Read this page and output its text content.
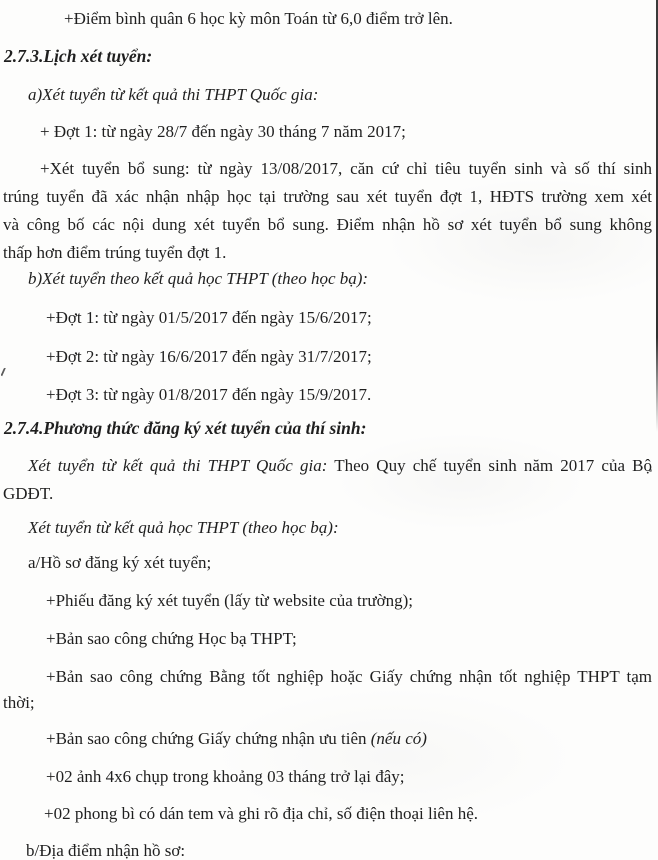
+Điểm bình quân 6 học kỳ môn Toán từ 6,0 điểm trở lên.
2.7.3.Lịch xét tuyển:
a)Xét tuyển từ kết quả thi THPT Quốc gia:
+ Đợt 1: từ ngày 28/7 đến ngày 30 tháng 7 năm 2017;
+Xét tuyển bổ sung: từ ngày 13/08/2017, căn cứ chỉ tiêu tuyển sinh và số thí sinh
trúng tuyển đã xác nhận nhập học tại trường sau xét tuyển đợt 1, HĐTS trường xem xét
và công bố các nội dung xét tuyển bổ sung. Điểm nhận hồ sơ xét tuyển bổ sung không
thấp hơn điểm trúng tuyển đợt 1.
b)Xét tuyển theo kết quả học THPT (theo học bạ):
+Đợt 1: từ ngày 01/5/2017 đến ngày 15/6/2017;
+Đợt 2: từ ngày 16/6/2017 đến ngày 31/7/2017;
+Đợt 3: từ ngày 01/8/2017 đến ngày 15/9/2017.
2.7.4.Phương thức đăng ký xét tuyển của thí sinh:
Xét tuyển từ kết quả thi THPT Quốc gia: Theo Quy chế tuyển sinh năm 2017 của Bộ
GDĐT.
Xét tuyển từ kết quả học THPT (theo học bạ):
a/Hồ sơ đăng ký xét tuyển;
+Phiếu đăng ký xét tuyển (lấy từ website của trường);
+Bản sao công chứng Học bạ THPT;
+Bản sao công chứng Bằng tốt nghiệp hoặc Giấy chứng nhận tốt nghiệp THPT tạm
thời;
+Bản sao công chứng Giấy chứng nhận ưu tiên (nếu có)
+02 ảnh 4x6 chụp trong khoảng 03 tháng trở lại đây;
+02 phong bì có dán tem và ghi rõ địa chỉ, số điện thoại liên hệ.
b/Địa điểm nhận hồ sơ:
